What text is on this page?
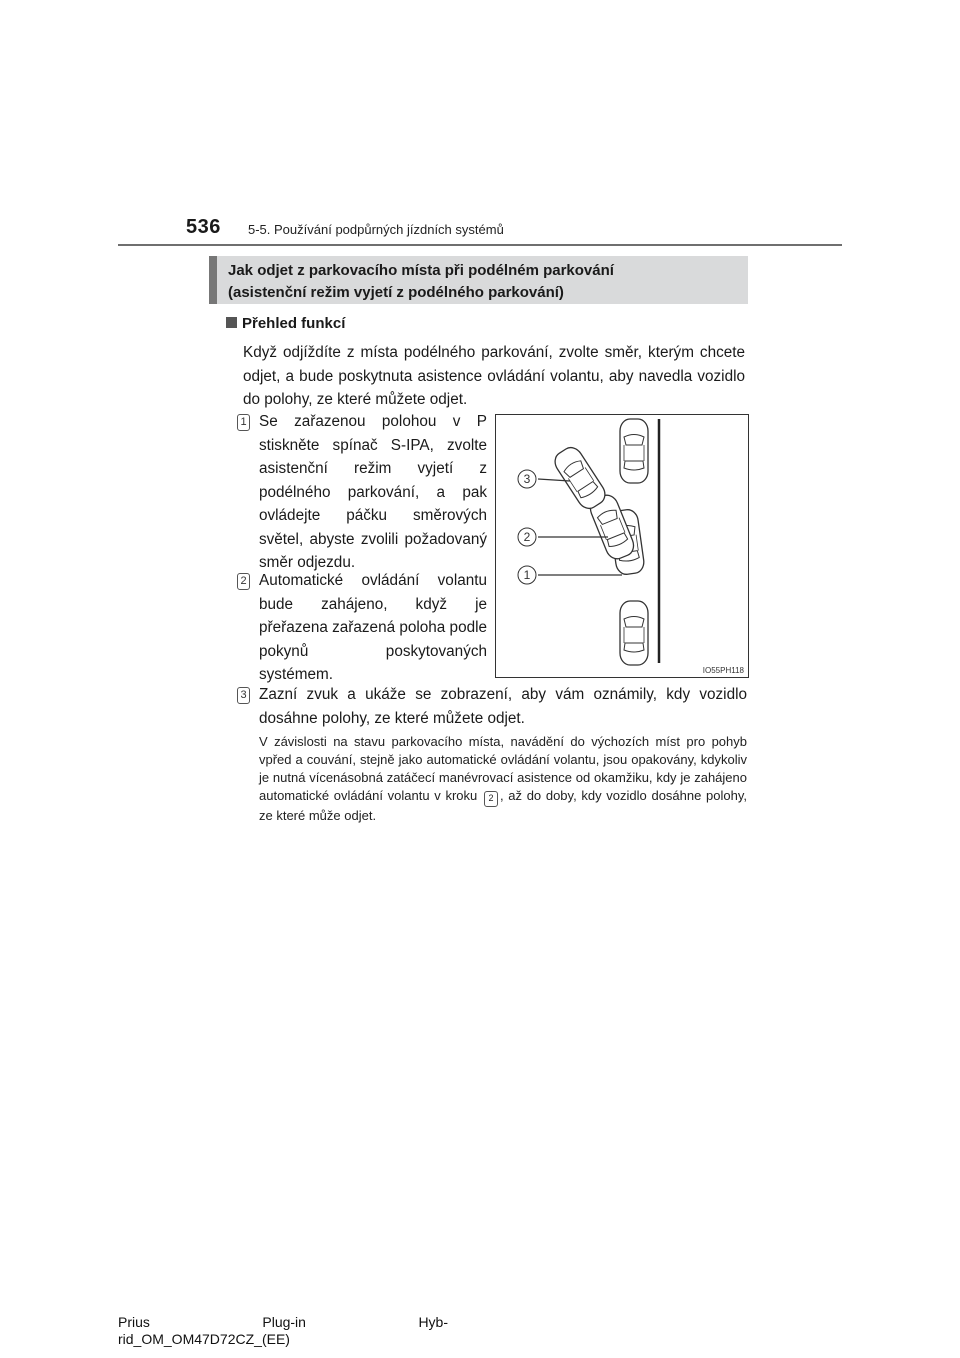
536 5-5. Používání podpůrných jízdních systémů
Jak odjet z parkovacího místa při podélném parkování
(asistenční režim vyjetí z podélného parkování)
Přehled funkcí
Když odjíždíte z místa podélného parkování, zvolte směr, kterým chcete odjet, a bude poskytnuta asistence ovládání volantu, aby navedla vozidlo do polohy, ze které můžete odjet.
1 Se zařazenou polohou v P stiskněte spínač S-IPA, zvolte asistenční režim vyjetí z podélného parkování, a pak ovládejte páčku směrových světel, abyste zvolili požadovaný směr odjezdu.
2 Automatické ovládání volantu bude zahájeno, když je přeřazena zařazená poloha podle pokynů poskytovaných systémem.
3 Zazní zvuk a ukáže se zobrazení, aby vám oznámily, kdy vozidlo dosáhne polohy, ze které můžete odjet.
V závislosti na stavu parkovacího místa, navádění do výchozích míst pro pohyb vpřed a couvání, stejně jako automatické ovládání volantu, jsou opakovány, kdykoliv je nutná vícenásobná zatáčecí manévrovací asistence od okamžiku, kdy je zahájeno automatické ovládání volantu v kroku 2 , až do doby, kdy vozidlo dosáhne polohy, ze které může odjet.
3
2
1
IO55PH118
Prius	Plug-in	Hyb-
rid_OM_OM47D72CZ_(EE)
